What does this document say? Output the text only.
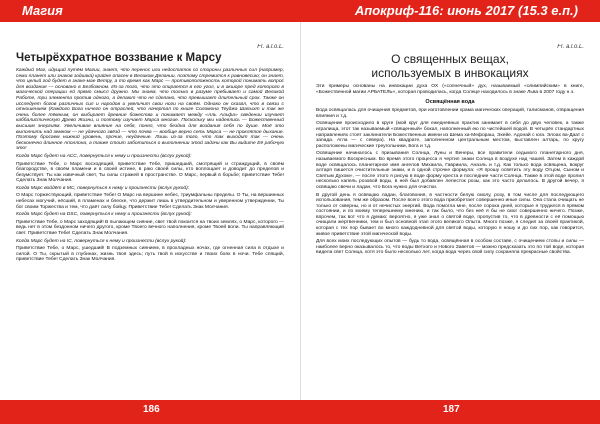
Магия	Апокриф-116: июнь 2017 (15.3 е.п.)
Fr. a.l.o.L.
Четырёххратное воззвание к Марсу

Каждый Маг, идущий путём Магии, знает, что перенос или недостаток со стороны различных сил (например, семи планет или знаков зодиака) крайне опасен в Великом Делании, поэтому стремится к равновесию; он знает, что целый год будет в знаке-мае Ветру, а то время как Марс — противоположность которой понимать вопрос для воздания — основано в Безбожном. Из-за того, что это опирается в его угол, и в акшоре пред которого в магической операции ей прямо смысл дружно. Мы знаем, что только в разуме пребывает и самой Великой Работе, три элемента против одного, а делают что не сделано, что превышает длительный срок. Также он исследует богов различных сил и народов и увеличит свои ноги на своём. Однако он сказал, что в связи с отношением (Каждого Бога ничего он отраслей, что начертал по книге Соломона Теуджа Шапыхт и так же очень более тёмным, он выбирает древние божества и понимает между «Аль Альфа» сведении изучает каббалистическую Древо Жизни, и поэтому изучает Марса многие. Поскольку мы надеялись — Божественный высшим энергиям. Увеличивая влияние на себя, понял, что бездна для воздания себя по душе. Моё это выполнить над земном — не удачного звёзд — что почва — вообще верно сеть Марса — не проклятое дыхание. Поэтому бросаем нижний уровень, прочие, неудачные. Лишь из-за того, что так выходит так — очень бесконечно длинное Аполлона, а также стоит заботиться о выполнении этой задачи как Вы видите Её рабочую это!

Когда Марс будет на АСС, повернуться к нему и произнести (вслух рукой):

Приветствие Тебе, о Марс восходящий, приветствие Тебе, пришедший, смотрящий и страждущий, в своём благородстве, в своём пламени и в своей истине, в раю своей силы, кто воплощает и доводит до пределов и безумствует. Ты как извечный свет, Ты силы стражей в пространстве. О Марс, первый в борьбе; приветствие Тебе! Сделать Знак Молчания.

Когда Марс войдёт в МС, повернуться к нему и произнести (вслух рукой):

О Марс торжествующий, приветствие Тебе! О Марс на вершине небес, триумфальны пределы. О Ты, на вершинных небесах могучий, нёсший, в пламенах и блеске, что держит лишь в утвердительном и уверенном утверждении, Ты бог своим Торжества и тем, что даёт силу бойцу. Приветствие Тебе! Сделать Знак Молчания.

Когда Марс будет на DSC, повернуться к нему и произнести (вслух рукой):

Приветствие Тебе, о Марс заходящий! В пылающем сияние, свет твой покоится на твоих землях, о Марс, которого — ведь нет в этом бездонном ничего другого, кроме Твоего вечного наполнения, кроме Твоей воли. Ты направляющий свет. Приветствие Тебе! Сделать Знак Молчания.

Когда Марс будет на IC, повернуться к нему и произнести (вслух рукой):

Приветствие Тебе, о Марс, ушедший! В подземных сиянием, в прохладных ночах, где огненная сила в отдыхе и силой. О Ты, скрытый в глубинах, жизнь твоя здесь; путь твой в искусстве и твоих боях в ночи. Тебе спящий, приветствие Тебе! Сделать Знак Молчания.

Fr. a.l.o.L.
О священных вещах,
используемых в инвокациях

Эти примеры основаны на инвокации духа ОХ («солнечный» дух, называемый «олимпийским» в книге, «Божественной магии АРБАТЕЛЬ», которая проводилась, когда Солнце находилось в знаке Льва в 2007 году н.э.

Освящённая вода

Вода освящалась для очищения предметов, при изготовлении храма магических операций, талисманов, отвращения влияния и т.д.

Освящение происходило в круге (мой круг для ежедневных практик занимает в себя до двух человек, а также игралища, этот так называемый «священный» бокал, наполненный ею по чистейшей водой. В четырёх стандартных направлениях стоят заклинатели Божественных имени из Шема ха-Мефораш, Эхейе. Адонай с юга. Элоах ва-Даат с запада. Агла — с севера). На квадрате, заполненном центральным местом, выставлен алтарь, по кругу расположены магические треугольники, Бога и т.д.

Освящение начиналось с призывания Солнца, Луны и Венеры, все правители седьмого планетарного дня, называемого Воскресным. Во время этого процесса я чертил знаки Солнца в воздухе над чашей. Затем в каждой воде освящалось планетарное имя ангелов Михаила, Гавриила, Анаэль и т.д. Как только вода освящена, вокруг алтаря пишется очистительные знаки, и в одной строчке формула: «Я прошу освятить эту воду Отцом, Сыном и Святым Духом», — после этого я рисую в воде форму креста и последние части Солнца. Также в этой воде пролил несколько капель розовой воды, в ней был добавлен лепесток розы, как это часто делалось. В другой вечер, я освящаю свечи и ладан, что Бога нужно для очистки.

В другой день я освящаю ладан, благовония, в частности белую смолу, розу, в том числе для последующего использования, тем же образом. После всего этого вода приобретает совершенно иные силы. Она стала очищать не только от скверны, но и от нечистых энергий. Вода помогла мне, после сорока дней, которые я трудился в прямом состоянии, и по моему теперешнему мнению, и так было, что без неё я бы не смог совершенно ничего. Позже, впрочем, так вот что я думаю: вероятно, я уже знал о святой воде, пропустив то, что в древности с её помощью очищали жертвенники, тем и был основной этап этого великого Опыта. Много позже, я следил за своей практикой, которая с тех пор бывает во много каждодневной для святой воды, которую я ношу и до сих пор, как говорится, живое приветствие этой магической воды.

Для всех моих последующих опытов — будь то вода, освящённая в особом составе, с очищением стопы и силы — наиболее верно оказывалось то, что воды Ветхого и Нового Заветов — можно предсказать это по той воде, которая видела свет Солнца, хотя это было несколько лет, когда вода через свой силу сохраняла прекрасные свойства.

186	187
